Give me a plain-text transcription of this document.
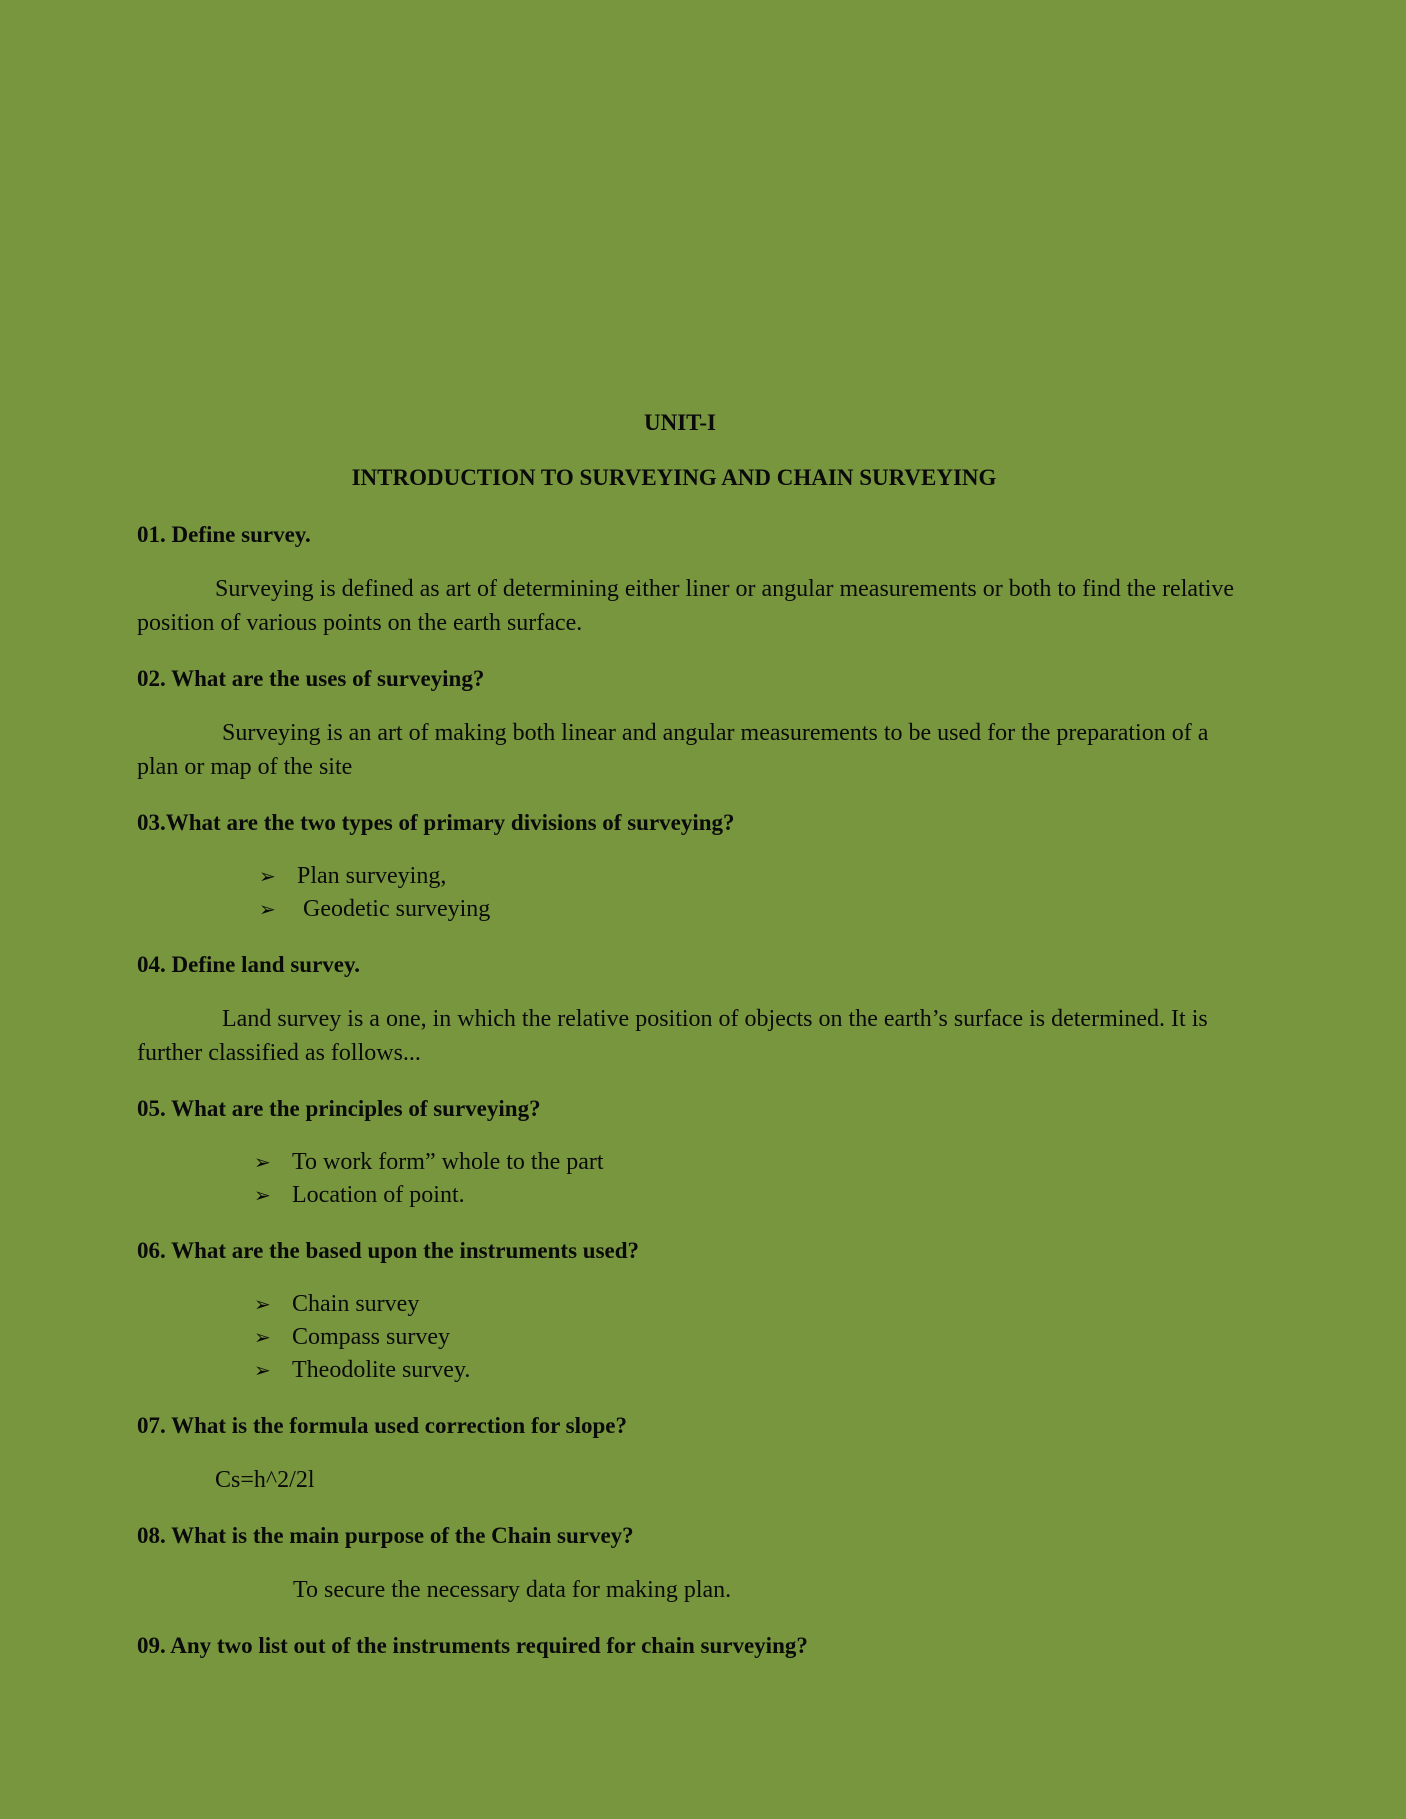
UNIT-I
INTRODUCTION TO SURVEYING AND CHAIN SURVEYING

01. Define survey.

Surveying is defined as art of determining either liner or angular measurements or both to find the relative position of various points on the earth surface.

02. What are the uses of surveying?

Surveying is an art of making both linear and angular measurements to be used for the preparation of a plan or map of the site

03.What are the two types of primary divisions of surveying?

➢ Plan surveying,
➢ Geodetic surveying

04. Define land survey.

Land survey is a one, in which the relative position of objects on the earth’s surface is determined. It is further classified as follows...

05. What are the principles of surveying?

➢ To work form” whole to the part
➢ Location of point.

06. What are the based upon the instruments used?

➢ Chain survey
➢ Compass survey
➢ Theodolite survey.

07. What is the formula used correction for slope?

Cs=h^2/2l

08. What is the main purpose of the Chain survey?

To secure the necessary data for making plan.

09. Any two list out of the instruments required for chain surveying?
